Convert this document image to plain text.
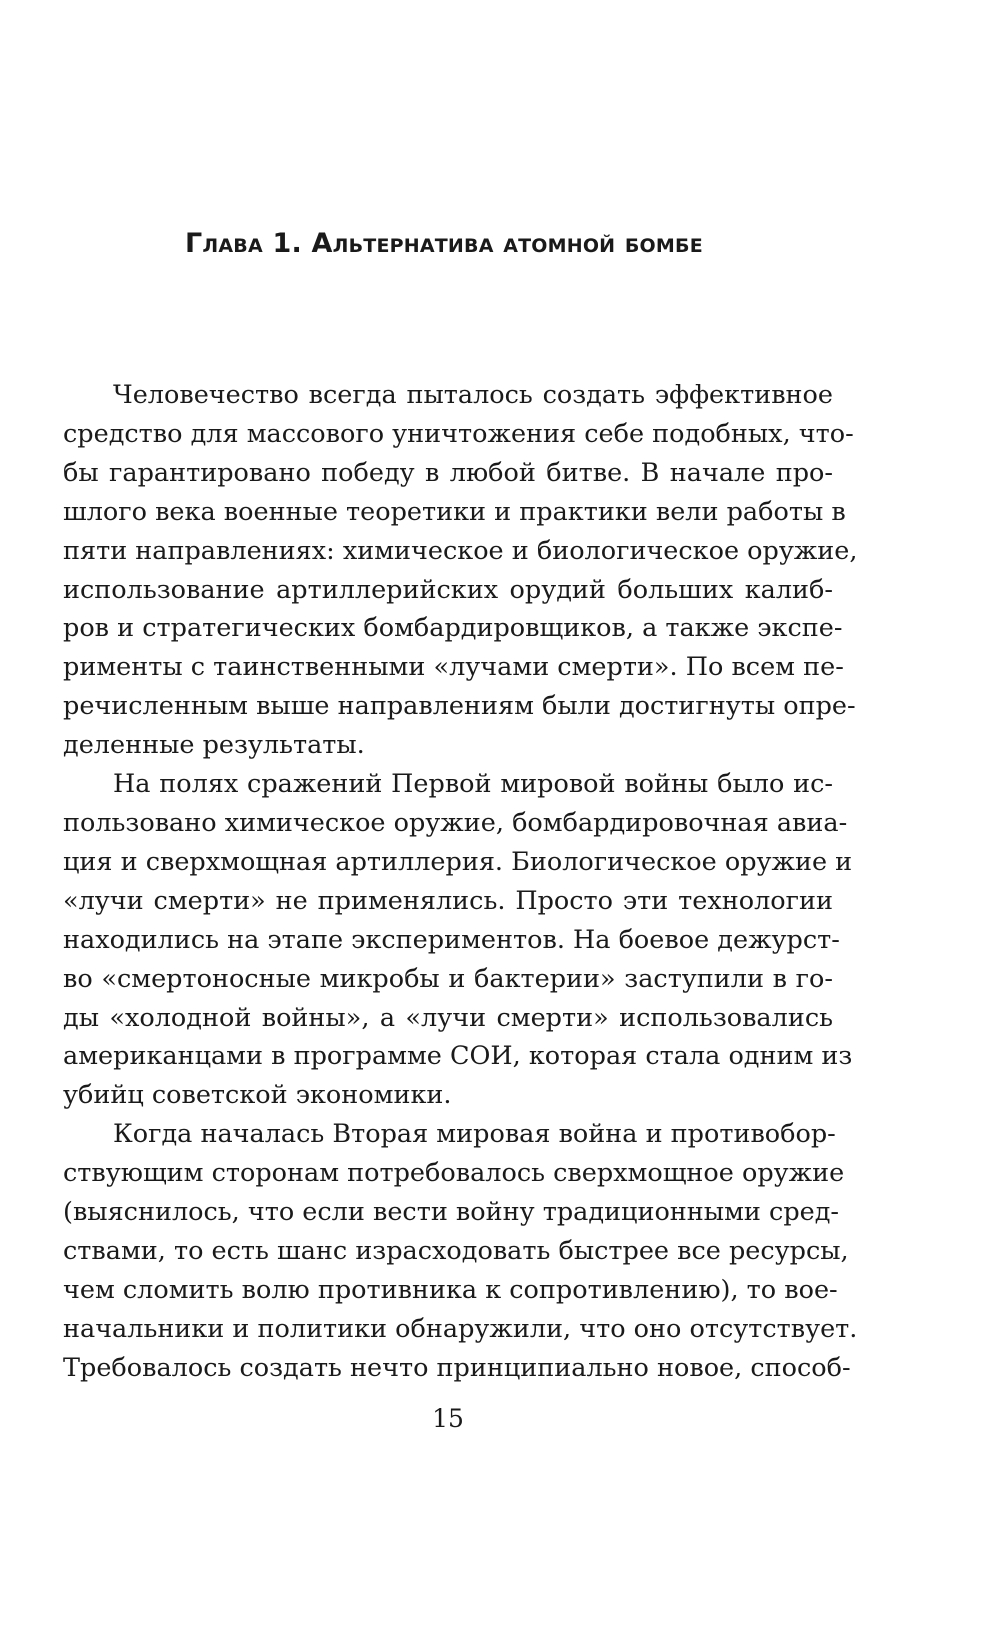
Глава 1. Альтернатива атомной бомбе
Человечество всегда пыталось создать эффективное
средство для массового уничтожения себе подобных, что-
бы гарантировано победу в любой битве. В начале про-
шлого века военные теоретики и практики вели работы в
пяти направлениях: химическое и биологическое оружие,
использование артиллерийских орудий больших калиб-
ров и стратегических бомбардировщиков, а также экспе-
рименты с таинственными «лучами смерти». По всем пе-
речисленным выше направлениям были достигнуты опре-
деленные результаты.
На полях сражений Первой мировой войны было ис-
пользовано химическое оружие, бомбардировочная авиа-
ция и сверхмощная артиллерия. Биологическое оружие и
«лучи смерти» не применялись. Просто эти технологии
находились на этапе экспериментов. На боевое дежурст-
во «смертоносные микробы и бактерии» заступили в го-
ды «холодной войны», а «лучи смерти» использовались
американцами в программе СОИ, которая стала одним из
убийц советской экономики.
Когда началась Вторая мировая война и противобор-
ствующим сторонам потребовалось сверхмощное оружие
(выяснилось, что если вести войну традиционными сред-
ствами, то есть шанс израсходовать быстрее все ресурсы,
чем сломить волю противника к сопротивлению), то вое-
начальники и политики обнаружили, что оно отсутствует.
Требовалось создать нечто принципиально новое, способ-

15
